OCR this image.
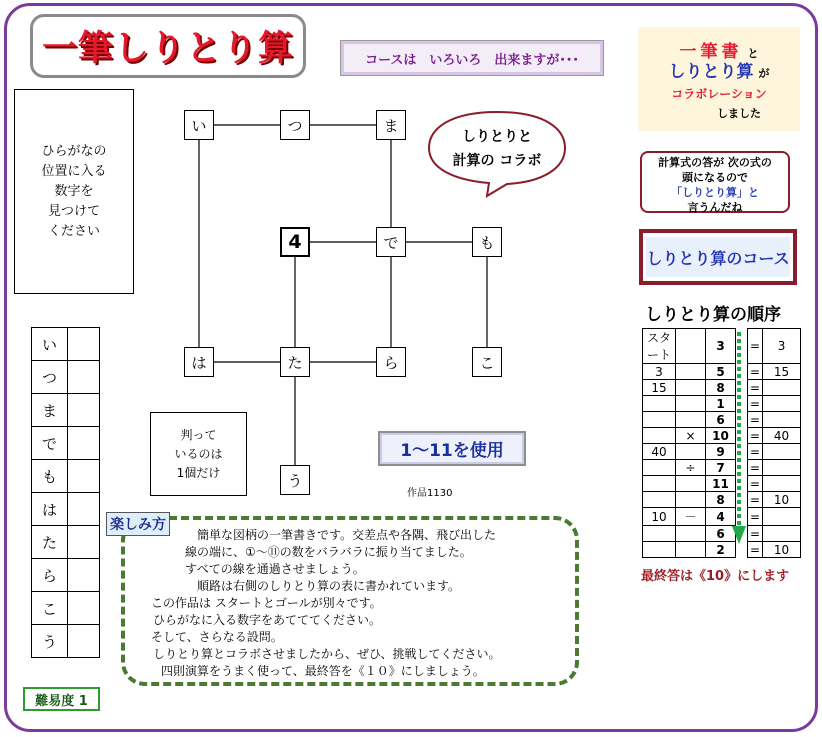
一筆しりとり算	コースは　いろいろ　出来ますが･･･	一筆書 と
しりとり算 が
コラボレーション
しました
ひらがなの
位置に入る
数字を
見つけて
ください
い	つ	ま
4	で	も
は	た	ら	こ
う
しりとりと
計算の コラボ
判って
いるのは
1個だけ
1～11を使用
作品1130
い	
つ	
ま	
で	
も	
は	
た	
ら	
こ	
う	
簡単な図柄の一筆書きです。交差点や各隅、飛び出した
線の端に、①～⑪の数をバラバラに振り当てました。
すべての線を通過させましょう。
順路は右側のしりとり算の表に書かれています。
この作品は スタートとゴールが別々です。
ひらがなに入る数字をあてててください。
そして、さらなる設問。
しりとり算とコラボさせましたから、ぜひ、挑戦してください。
四則演算をうまく使って、最終答を《１０》にしましょう。
楽しみ方
難易度 1
計算式の答が 次の式の
頭になるので
「しりとり算」と
言うんだね
しりとり算のコース
しりとり算の順序
スタート		3		=	3
3		5		=	15
15		8		=	
		1		=	
		6		=	
	×	10		=	40
40		9		=	
	÷	7		=	
		11		=	
		8		=	10
10	－	4		=	
		6		=	
		2		=	10
最終答は《10》にします
